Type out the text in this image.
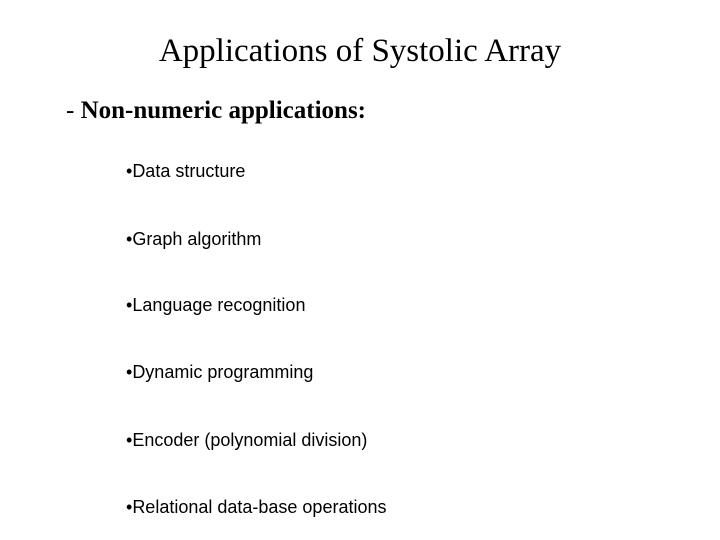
Applications of Systolic Array
- Non-numeric applications:
•Data structure
•Graph algorithm
•Language recognition
•Dynamic programming
•Encoder (polynomial division)
•Relational data-base operations
